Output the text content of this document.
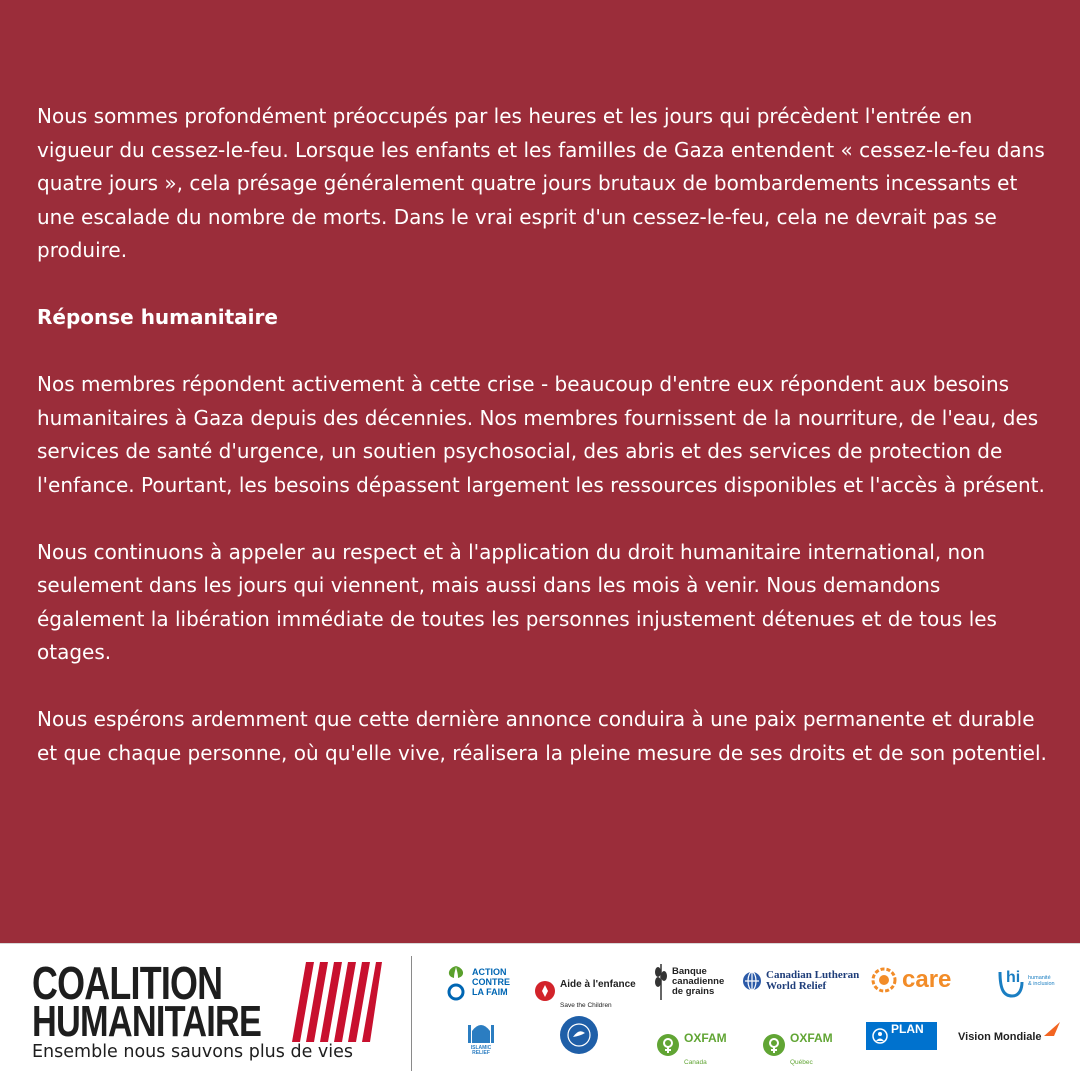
Nous sommes profondément préoccupés par les heures et les jours qui précèdent l'entrée en vigueur du cessez-le-feu. Lorsque les enfants et les familles de Gaza entendent « cessez-le-feu dans quatre jours », cela présage généralement quatre jours brutaux de bombardements incessants et une escalade du nombre de morts. Dans le vrai esprit d'un cessez-le-feu, cela ne devrait pas se produire.

Réponse humanitaire

Nos membres répondent activement à cette crise - beaucoup d'entre eux répondent aux besoins humanitaires à Gaza depuis des décennies. Nos membres fournissent de la nourriture, de l'eau, des services de santé d'urgence, un soutien psychosocial, des abris et des services de protection de l'enfance. Pourtant, les besoins dépassent largement les ressources disponibles et l'accès à présent.

Nous continuons à appeler au respect et à l'application du droit humanitaire international, non seulement dans les jours qui viennent, mais aussi dans les mois à venir. Nous demandons également la libération immédiate de toutes les personnes injustement détenues et de tous les otages.

Nous espérons ardemment que cette dernière annonce conduira à une paix permanente et durable et que chaque personne, où qu'elle vive, réalisera la pleine mesure de ses droits et de son potentiel.

COALITION
HUMANITAIRE
Ensemble nous sauvons plus de vies
ACTION
CONTRE
LA FAIM

Aide à l'enfance

Save the Children

Banque
canadienne
de grains
Canadian Lutheran
World Relief	care	hi humanité
& inclusion
ISLAMIC
RELIEF

OXFAM

Canada

OXFAM

Québec

PLAN

INTERNATIONAL

Vision Mondiale
